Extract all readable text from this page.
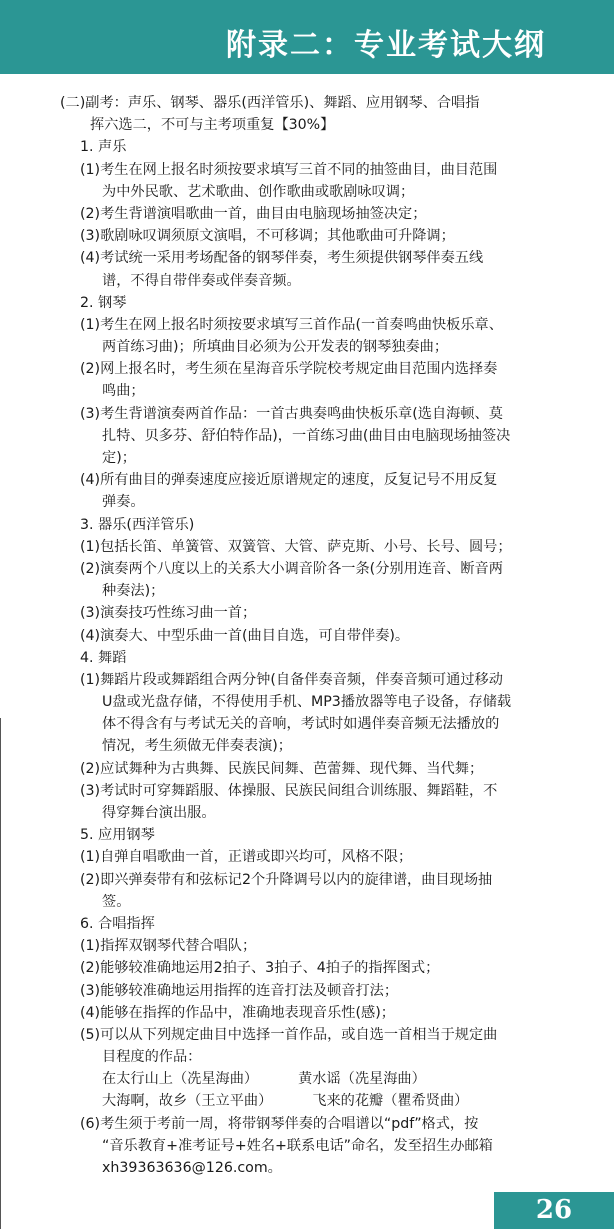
附录二：专业考试大纲
(二)副考：声乐、钢琴、器乐(西洋管乐)、舞蹈、应用钢琴、合唱指
挥六选二，不可与主考项重复【30%】
1. 声乐
(1)考生在网上报名时须按要求填写三首不同的抽签曲目，曲目范围
为中外民歌、艺术歌曲、创作歌曲或歌剧咏叹调；
(2)考生背谱演唱歌曲一首，曲目由电脑现场抽签决定；
(3)歌剧咏叹调须原文演唱，不可移调；其他歌曲可升降调；
(4)考试统一采用考场配备的钢琴伴奏，考生须提供钢琴伴奏五线
谱，不得自带伴奏或伴奏音频。
2. 钢琴
(1)考生在网上报名时须按要求填写三首作品(一首奏鸣曲快板乐章、
两首练习曲)；所填曲目必须为公开发表的钢琴独奏曲；
(2)网上报名时，考生须在星海音乐学院校考规定曲目范围内选择奏
鸣曲；
(3)考生背谱演奏两首作品：一首古典奏鸣曲快板乐章(选自海顿、莫
扎特、贝多芬、舒伯特作品)，一首练习曲(曲目由电脑现场抽签决
定)；
(4)所有曲目的弹奏速度应接近原谱规定的速度，反复记号不用反复
弹奏。
3. 器乐(西洋管乐)
(1)包括长笛、单簧管、双簧管、大管、萨克斯、小号、长号、圆号；
(2)演奏两个八度以上的关系大小调音阶各一条(分别用连音、断音两
种奏法)；
(3)演奏技巧性练习曲一首；
(4)演奏大、中型乐曲一首(曲目自选，可自带伴奏)。
4. 舞蹈
(1)舞蹈片段或舞蹈组合两分钟(自备伴奏音频，伴奏音频可通过移动
U盘或光盘存储，不得使用手机、MP3播放器等电子设备，存储载
体不得含有与考试无关的音响，考试时如遇伴奏音频无法播放的
情况，考生须做无伴奏表演)；
(2)应试舞种为古典舞、民族民间舞、芭蕾舞、现代舞、当代舞；
(3)考试时可穿舞蹈服、体操服、民族民间组合训练服、舞蹈鞋，不
得穿舞台演出服。
5. 应用钢琴
(1)自弹自唱歌曲一首，正谱或即兴均可，风格不限；
(2)即兴弹奏带有和弦标记2个升降调号以内的旋律谱，曲目现场抽
签。
6. 合唱指挥
(1)指挥双钢琴代替合唱队；
(2)能够较准确地运用2拍子、3拍子、4拍子的指挥图式；
(3)能够较准确地运用指挥的连音打法及顿音打法；
(4)能够在指挥的作品中，准确地表现音乐性(感)；
(5)可以从下列规定曲目中选择一首作品，或自选一首相当于规定曲
目程度的作品：
在太行山上（冼星海曲）	黄水谣（冼星海曲）
大海啊，故乡（王立平曲）	飞来的花瓣（瞿希贤曲）
(6)考生须于考前一周，将带钢琴伴奏的合唱谱以“pdf”格式，按
“音乐教育+准考证号+姓名+联系电话”命名，发至招生办邮箱
xh39363636@126.com。
26
